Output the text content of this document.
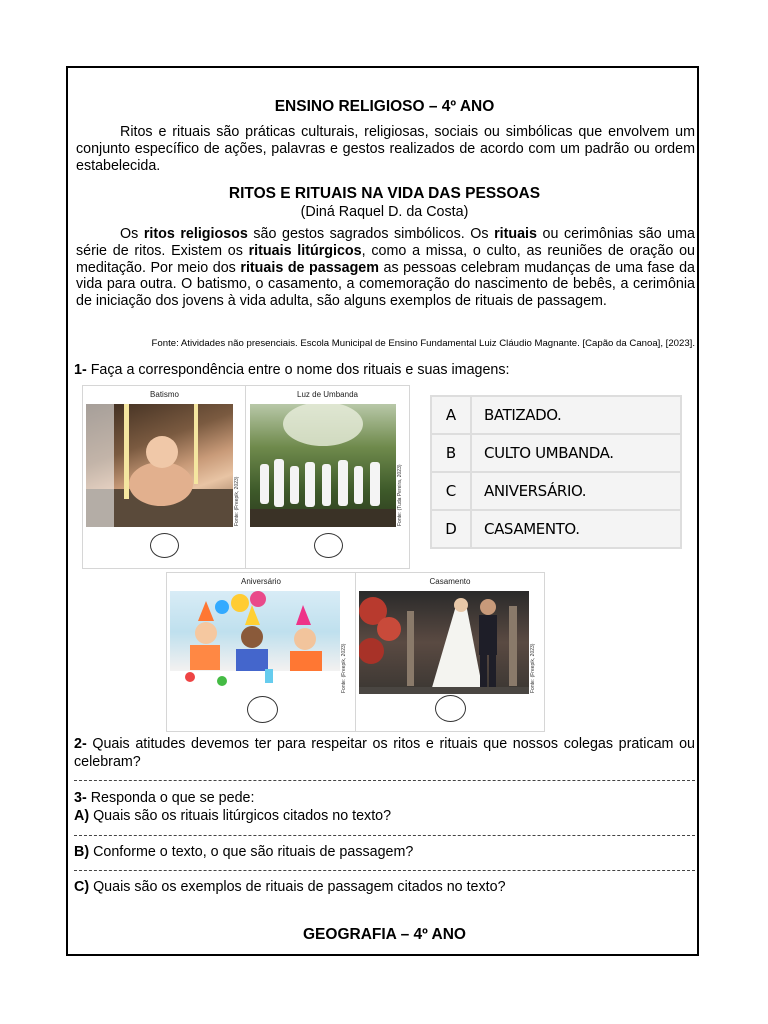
ENSINO RELIGIOSO – 4º ANO
Ritos e rituais são práticas culturais, religiosas, sociais ou simbólicas que envolvem um conjunto específico de ações, palavras e gestos realizados de acordo com um padrão ou ordem estabelecida.
RITOS E RITUAIS NA VIDA DAS PESSOAS
(Diná Raquel D. da Costa)
Os ritos religiosos são gestos sagrados simbólicos. Os rituais ou cerimônias são uma série de ritos. Existem os rituais litúrgicos, como a missa, o culto, as reuniões de oração ou meditação. Por meio dos rituais de passagem as pessoas celebram mudanças de uma fase da vida para outra. O batismo, o casamento, a comemoração do nascimento de bebês, a cerimônia de iniciação dos jovens à vida adulta, são alguns exemplos de rituais de passagem.
Fonte: Atividades não presenciais. Escola Municipal de Ensino Fundamental Luiz Cláudio Magnante. [Capão da Canoa], [2023].
1- Faça a correspondência entre o nome dos rituais e suas imagens:
Batismo
Fonte: (Freepik, 2023)
Luz de Umbanda
Fonte: (Tuda Pereira, 2023)
A	BATIZADO.
B	CULTO UMBANDA.
C	ANIVERSÁRIO.
D	CASAMENTO.
Aniversário
Fonte: (Freepik, 2023)
Casamento
Fonte: (Freepik, 2023)
2- Quais atitudes devemos ter para respeitar os ritos e rituais que nossos colegas praticam ou celebram?
3- Responda o que se pede:
A) Quais são os rituais litúrgicos citados no texto?
B) Conforme o texto, o que são rituais de passagem?
C) Quais são os exemplos de rituais de passagem citados no texto?
GEOGRAFIA – 4º ANO
